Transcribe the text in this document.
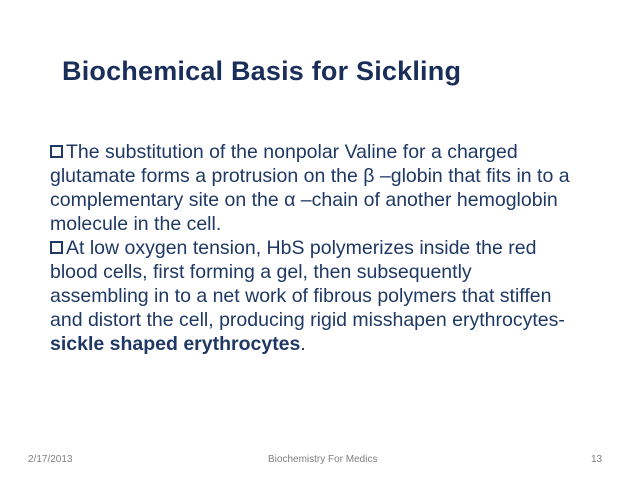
Biochemical Basis for Sickling

The substitution of the nonpolar Valine for a charged glutamate forms a protrusion on the β –globin that fits in to a complementary site on the α –chain of another hemoglobin molecule in the cell.

At low oxygen tension, HbS polymerizes inside the red blood cells, first forming a gel, then subsequently assembling in to a net work of fibrous polymers that stiffen and distort the cell, producing rigid misshapen erythrocytes-
sickle shaped erythrocytes.

2/17/2013	Biochemistry For Medics	13
